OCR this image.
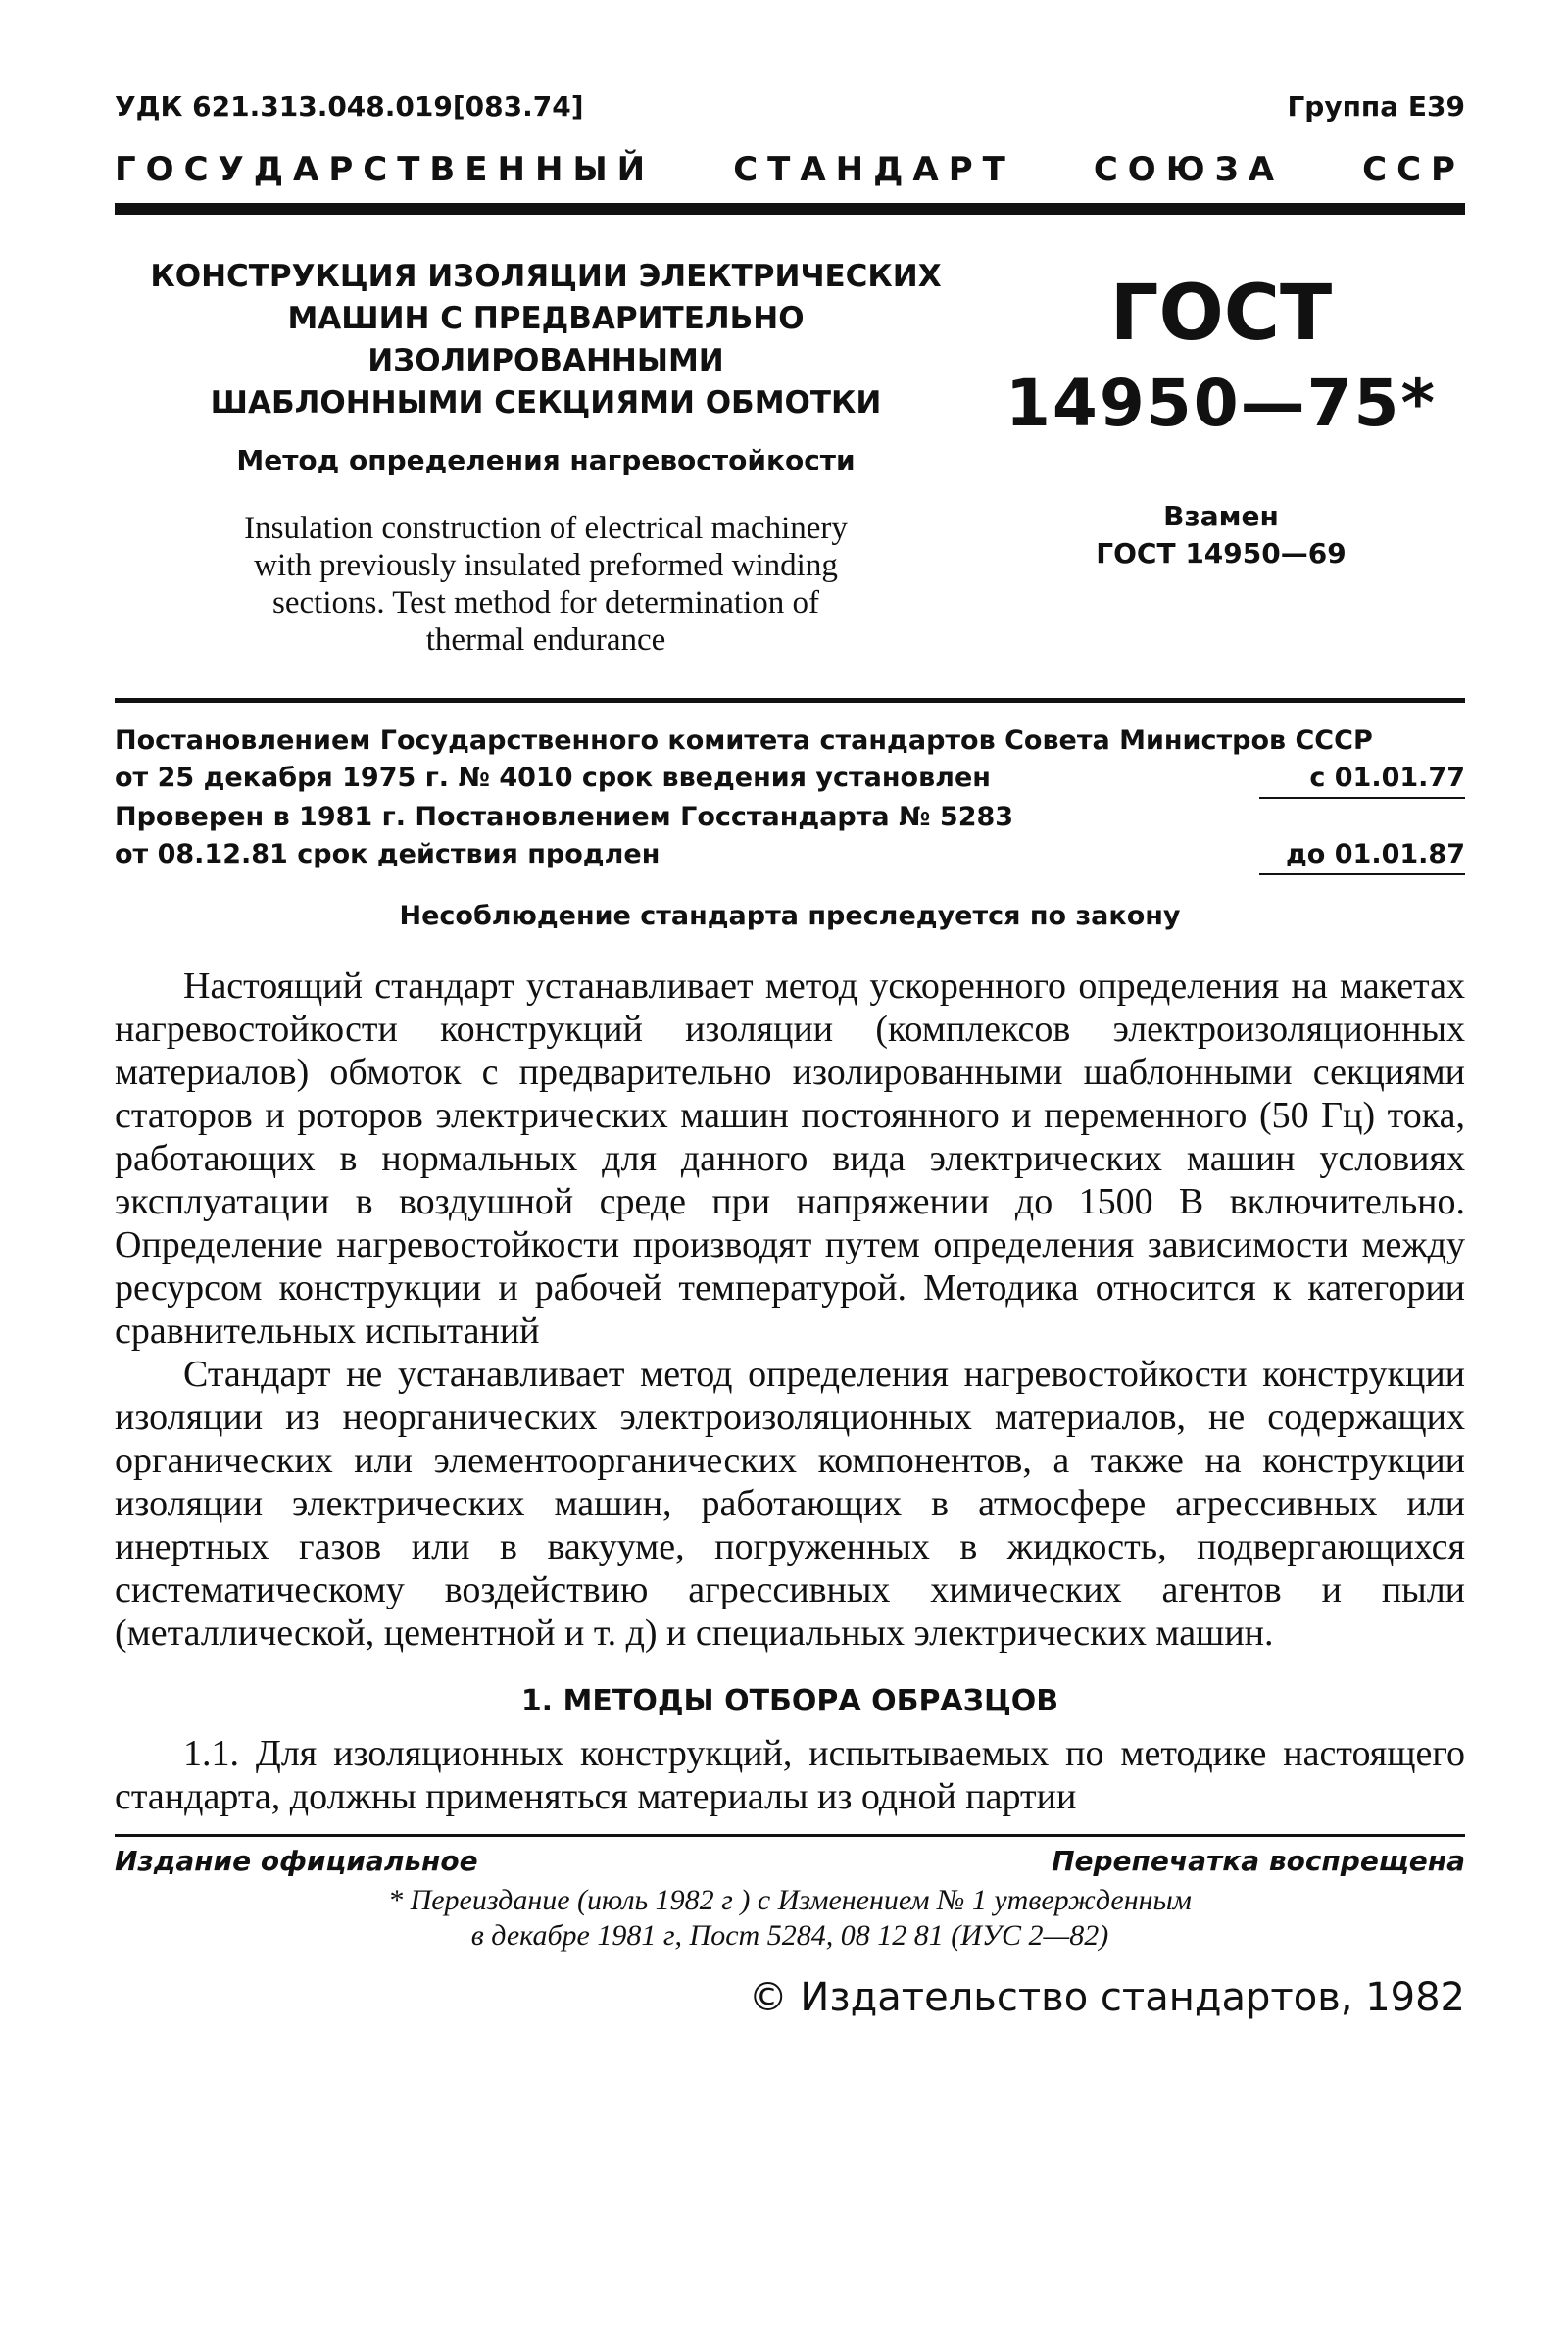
УДК 621.313.048.019[083.74]	Группа Е39
ГОСУДАРСТВЕННЫЙ СТАНДАРТ СОЮЗА ССР
КОНСТРУКЦИЯ ИЗОЛЯЦИИ ЭЛЕКТРИЧЕСКИХ
МАШИН С ПРЕДВАРИТЕЛЬНО ИЗОЛИРОВАННЫМИ
ШАБЛОННЫМИ СЕКЦИЯМИ ОБМОТКИ
Метод определения нагревостойкости
Insulation construction of electrical machinery
with previously insulated preformed winding
sections. Test method for determination of
thermal endurance
ГОСТ
14950—75*
Взамен
ГОСТ 14950—69
Постановлением Государственного комитета стандартов Совета Министров СССР
от 25 декабря 1975 г. № 4010 срок введения установлен	с 01.01.77
Проверен в 1981 г. Постановлением Госстандарта № 5283
от 08.12.81 срок действия продлен	до 01.01.87
Несоблюдение стандарта преследуется по закону

Настоящий стандарт устанавливает метод ускоренного определения на макетах нагревостойкости конструкций изоляции (комплексов электроизоляционных материалов) обмоток с предварительно изолированными шаблонными секциями статоров и роторов электрических машин постоянного и переменного (50 Гц) тока, работающих в нормальных для данного вида электрических машин условиях эксплуатации в воздушной среде при напряжении до 1500 В включительно. Определение нагревостойкости производят путем определения зависимости между ресурсом конструкции и рабочей температурой. Методика относится к категории сравнительных испытаний

Стандарт не устанавливает метод определения нагревостойкости конструкции изоляции из неорганических электроизоляционных материалов, не содержащих органических или элементоорганических компонентов, а также на конструкции изоляции электрических машин, работающих в атмосфере агрессивных или инертных газов или в вакууме, погруженных в жидкость, подвергающихся систематическому воздействию агрессивных химических агентов и пыли (металлической, цементной и т. д) и специальных электрических машин.

1. МЕТОДЫ ОТБОРА ОБРАЗЦОВ
1.1. Для изоляционных конструкций, испытываемых по методике настоящего стандарта, должны применяться материалы из одной партии
Издание официальное	Перепечатка воспрещена
* Переиздание (июль 1982 г ) с Изменением № 1 утвержденным
в декабре 1981 г, Пост 5284, 08 12 81 (ИУС 2—82)
© Издательство стандартов, 1982
